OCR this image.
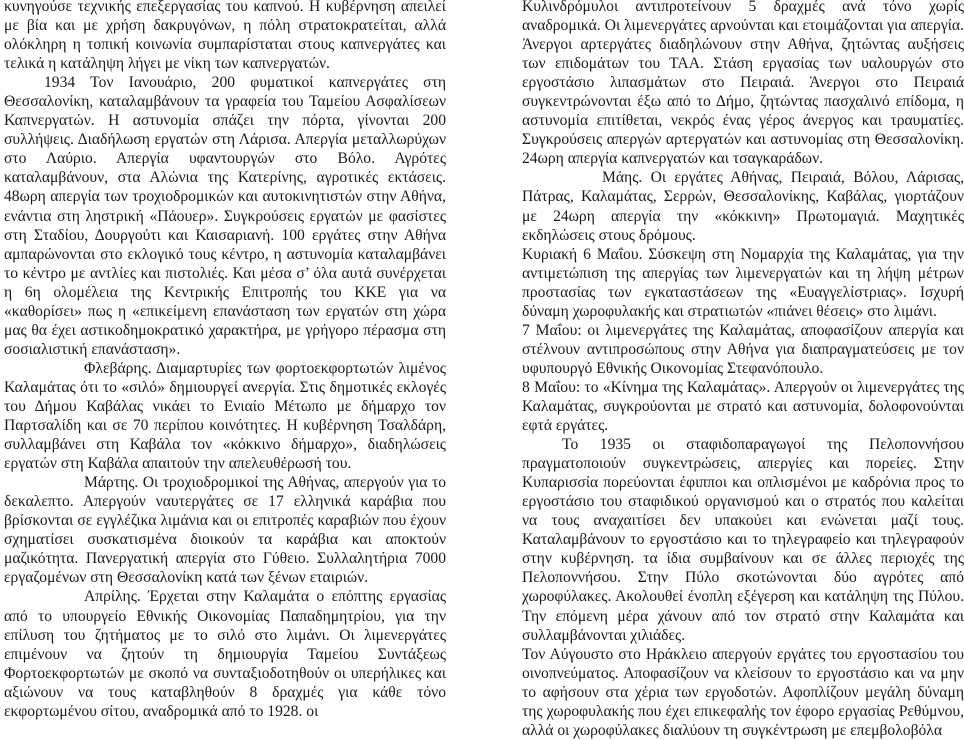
κυνηγούσε τεχνικής επεξεργασίας του καπνού. Η κυβέρνηση απειλεί με βία και με χρήση δακρυγόνων, η πόλη στρατοκρατείται, αλλά ολόκληρη η τοπική κοινωνία συμπαρίσταται στους καπνεργάτες και τελικά η κατάληψη λήγει με νίκη των καπνεργατών.

1934 Τον Ιανουάριο, 200 φυματικοί καπνεργάτες στη Θεσσαλονίκη, καταλαμβάνουν τα γραφεία του Ταμείου Ασφαλίσεων Καπνεργατών. Η αστυνομία σπάζει την πόρτα, γίνονται 200 συλλήψεις. Διαδήλωση εργατών στη Λάρισα. Απεργία μεταλλωρύχων στο Λαύριο. Απεργία υφαντουργών στο Βόλο. Αγρότες καταλαμβάνουν, στα Αλώνια της Κατερίνης, αγροτικές εκτάσεις. 48ωρη απεργία των τροχιοδρομικών και αυτοκινητιστών στην Αθήνα, ενάντια στη ληστρική «Πάουερ». Συγκρούσεις εργατών με φασίστες στη Σταδίου, Δουργούτι και Καισαριανή. 100 εργάτες στην Αθήνα αμπαρώνονται στο εκλογικό τους κέντρο, η αστυνομία καταλαμβάνει το κέντρο με αντλίες και πιστολιές. Και μέσα σ’ όλα αυτά συνέρχεται η 6η ολομέλεια της Κεντρικής Επιτροπής του ΚΚΕ για να «καθορίσει» πως η «επικείμενη επανάσταση των εργατών στη χώρα μας θα έχει αστικοδημοκρατικό χαρακτήρα, με γρήγορο πέρασμα στη σοσιαλιστική επανάσταση».

Φλεβάρης. Διαμαρτυρίες των φορτοεκφορτωτών λιμένος Καλαμάτας ότι το «σιλό» δημιουργεί ανεργία. Στις δημοτικές εκλογές του Δήμου Καβάλας νικάει το Ενιαίο Μέτωπο με δήμαρχο τον Παρτσαλίδη και σε 70 περίπου κοινότητες. Η κυβέρνηση Τσαλδάρη, συλλαμβάνει στη Καβάλα τον «κόκκινο δήμαρχο», διαδηλώσεις εργατών στη Καβάλα απαιτούν την απελευθέρωσή του.

Μάρτης. Οι τροχιοδρομικοί της Αθήνας, απεργούν για το δεκαλεπτο. Απεργούν ναυτεργάτες σε 17 ελληνικά καράβια που βρίσκονται σε εγγλέζικα λιμάνια και οι επιτροπές καραβιών που έχουν σχηματίσει συσκατισμένα διοικούν τα καράβια και αποκτούν μαζικότητα. Πανεργατική απεργία στο Γύθειο. Συλλαλητήρια 7000 εργαζομένων στη Θεσσαλονίκη κατά των ξένων εταιριών.

Απρίλης. Έρχεται στην Καλαμάτα ο επόπτης εργασίας από το υπουργείο Εθνικής Οικονομίας Παπαδημητρίου, για την επίλυση του ζητήματος με το σιλό στο λιμάνι. Οι λιμενεργάτες επιμένουν να ζητούν τη δημιουργία Ταμείου Συντάξεως Φορτοεκφορτωτών με σκοπό να συνταξιοδοτηθούν οι υπερήλικες και αξιώνουν να τους καταβληθούν 8 δραχμές για κάθε τόνο εκφορτωμένου σίτου, αναδρομικά από το 1928. οι

Κυλινδρόμυλοι αντιπροτείνουν 5 δραχμές ανά τόνο χωρίς αναδρομικά. Οι λιμενεργάτες αρνούνται και ετοιμάζονται για απεργία. Άνεργοι αρτεργάτες διαδηλώνουν στην Αθήνα, ζητώντας αυξήσεις των επιδομάτων του ΤΑΑ. Στάση εργασίας των υαλουργών στο εργοστάσιο λιπασμάτων στο Πειραιά. Άνεργοι στο Πειραιά συγκεντρώνονται έξω από το Δήμο, ζητώντας πασχαλινό επίδομα, η αστυνομία επιτίθεται, νεκρός ένας γέρος άνεργος και τραυματίες. Συγκρούσεις απεργών αρτεργατών και αστυνομίας στη Θεσσαλονίκη. 24ωρη απεργία καπνεργατών και τσαγκαράδων.

Μάης. Οι εργάτες Αθήνας, Πειραιά, Βόλου, Λάρισας, Πάτρας, Καλαμάτας, Σερρών, Θεσσαλονίκης, Καβάλας, γιορτάζουν με 24ωρη απεργία την «κόκκινη» Πρωτομαγιά. Μαχητικές εκδηλώσεις στους δρόμους.

Κυριακή 6 Μαΐου. Σύσκεψη στη Νομαρχία της Καλαμάτας, για την αντιμετώπιση της απεργίας των λιμενεργατών και τη λήψη μέτρων προστασίας των εγκαταστάσεων της «Ευαγγελίστριας». Ισχυρή δύναμη χωροφυλακής και στρατιωτών «πιάνει θέσεις» στο λιμάνι.

7 Μαΐου: οι λιμενεργάτες της Καλαμάτας, αποφασίζουν απεργία και στέλνουν αντιπροσώπους στην Αθήνα για διαπραγματεύσεις με τον υφυπουργό Εθνικής Οικονομίας Στεφανόπουλο.

8 Μαΐου: το «Κίνημα της Καλαμάτας». Απεργούν οι λιμενεργάτες της Καλαμάτας, συγκρούονται με στρατό και αστυνομία, δολοφονούνται εφτά εργάτες.

Το 1935 οι σταφιδοπαραγωγοί της Πελοποννήσου πραγματοποιούν συγκεντρώσεις, απεργίες και πορείες. Στην Κυπαρισσία πορεύονται έφιπποι και οπλισμένοι με καδρόνια προς το εργοστάσιο του σταφιδικού οργανισμού και ο στρατός που καλείται να τους αναχαιτίσει δεν υπακούει και ενώνεται μαζί τους. Καταλαμβάνουν το εργοστάσιο και το τηλεγραφείο και τηλεγραφούν στην κυβέρνηση. τα ίδια συμβαίνουν και σε άλλες περιοχές της Πελοποννήσου. Στην Πύλο σκοτώνονται δύο αγρότες από χωροφύλακες. Ακολουθεί ένοπλη εξέγερση και κατάληψη της Πύλου. Την επόμενη μέρα χάνουν από τον στρατό στην Καλαμάτα και συλλαμβάνονται χιλιάδες.

Τον Αύγουστο στο Ηράκλειο απεργούν εργάτες του εργοστασίου του οινοπνεύματος. Αποφασίζουν να κλείσουν το εργοστάσιο και να μην το αφήσουν στα χέρια των εργοδοτών. Αφοπλίζουν μεγάλη δύναμη της χωροφυλακής που έχει επικεφαλής τον έφορο εργασίας Ρεθύμνου, αλλά οι χωροφύλακες διαλύουν τη συγκέντρωση με επεμβολοβόλα
